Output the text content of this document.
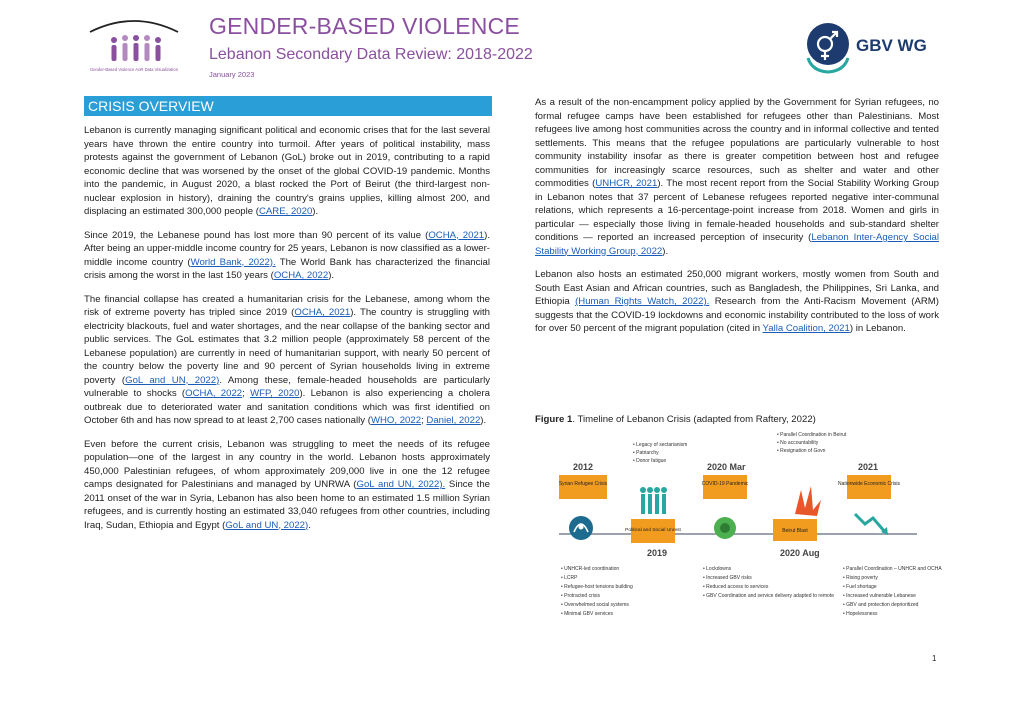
Gender-Based Violence AoR Data Visualization
GENDER-BASED VIOLENCE
Lebanon Secondary Data Review: 2018-2022
January 2023
GBV WG
CRISIS OVERVIEW

Lebanon is currently managing significant political and economic crises that for the last several years have thrown the entire country into turmoil. After years of political instability, mass protests against the government of Lebanon (GoL) broke out in 2019, contributing to a rapid economic decline that was worsened by the onset of the global COVID-19 pandemic. Months into the pandemic, in August 2020, a blast rocked the Port of Beirut (the third-largest non-nuclear explosion in history), draining the country's grains upplies, killing almost 200, and displacing an estimated 300,000 people (CARE, 2020).

Since 2019, the Lebanese pound has lost more than 90 percent of its value (OCHA, 2021). After being an upper-middle income country for 25 years, Lebanon is now classified as a lower-middle income country (World Bank, 2022). The World Bank has characterized the financial crisis among the worst in the last 150 years (OCHA, 2022).

The financial collapse has created a humanitarian crisis for the Lebanese, among whom the risk of extreme poverty has tripled since 2019 (OCHA, 2021). The country is struggling with electricity blackouts, fuel and water shortages, and the near collapse of the banking sector and public services. The GoL estimates that 3.2 million people (approximately 58 percent of the Lebanese population) are currently in need of humanitarian support, with nearly 50 percent of the country below the poverty line and 90 percent of Syrian households living in extreme poverty (GoL and UN, 2022). Among these, female-headed households are particularly vulnerable to shocks (OCHA, 2022; WFP, 2020). Lebanon is also experiencing a cholera outbreak due to deteriorated water and sanitation conditions which was first identified on October 6th and has now spread to at least 2,700 cases nationally (WHO, 2022; Daniel, 2022).

Even before the current crisis, Lebanon was struggling to meet the needs of its refugee population—one of the largest in any country in the world. Lebanon hosts approximately 450,000 Palestinian refugees, of whom approximately 209,000 live in one the 12 refugee camps designated for Palestinians and managed by UNRWA (GoL and UN, 2022). Since the 2011 onset of the war in Syria, Lebanon has also been home to an estimated 1.5 million Syrian refugees, and is currently hosting an estimated 33,040 refugees from other countries, including Iraq, Sudan, Ethiopia and Egypt (GoL and UN, 2022).

As a result of the non-encampment policy applied by the Government for Syrian refugees, no formal refugee camps have been established for refugees other than Palestinians. Most refugees live among host communities across the country and in informal collective and tented settlements. This means that the refugee populations are particularly vulnerable to host community instability insofar as there is greater competition between host and refugee communities for increasingly scarce resources, such as shelter and water and other commodities (UNHCR, 2021). The most recent report from the Social Stability Working Group in Lebanon notes that 37 percent of Lebanese refugees reported negative inter-communal relations, which represents a 16-percentage-point increase from 2018. Women and girls in particular — especially those living in female-headed households and sub-standard shelter conditions — reported an increased perception of insecurity (Lebanon Inter-Agency Social Stability Working Group, 2022).

Lebanon also hosts an estimated 250,000 migrant workers, mostly women from South and South East Asian and African countries, such as Bangladesh, the Philippines, Sri Lanka, and Ethiopia (Human Rights Watch, 2022). Research from the Anti-Racism Movement (ARM) suggests that the COVID-19 lockdowns and economic instability contributed to the loss of work for over 50 percent of the migrant population (cited in Yalla Coalition, 2021) in Lebanon.

Figure 1. Timeline of Lebanon Crisis (adapted from Raftery, 2022)
2012
2019
2020 Mar
2020 Aug
2021
Syrian Refugee Crisis
Political and Social Unrest
COVID-19 Pandemic
Beirut Blast
Nationwide Economic Crisis
• Legacy of sectarianism
• Patriarchy
• Donor fatigue
• Parallel Coordination in Beirut
• No accountability
• Resignation of Govn
• UNHCR-led coordination
• LCRP
• Refugee-host tensions building
• Protracted crisis
• Overwhelmed social systems
• Minimal GBV services
• Lockdowns
• Increased GBV risks
• Reduced access to services
• GBV Coordination and service delivery adapted to remote
• Parallel Coordination – UNHCR and OCHA
• Rising poverty
• Fuel shortage
• Increased vulnerable Lebanese
• GBV and protection deprioritized
• Hopelessness
1
